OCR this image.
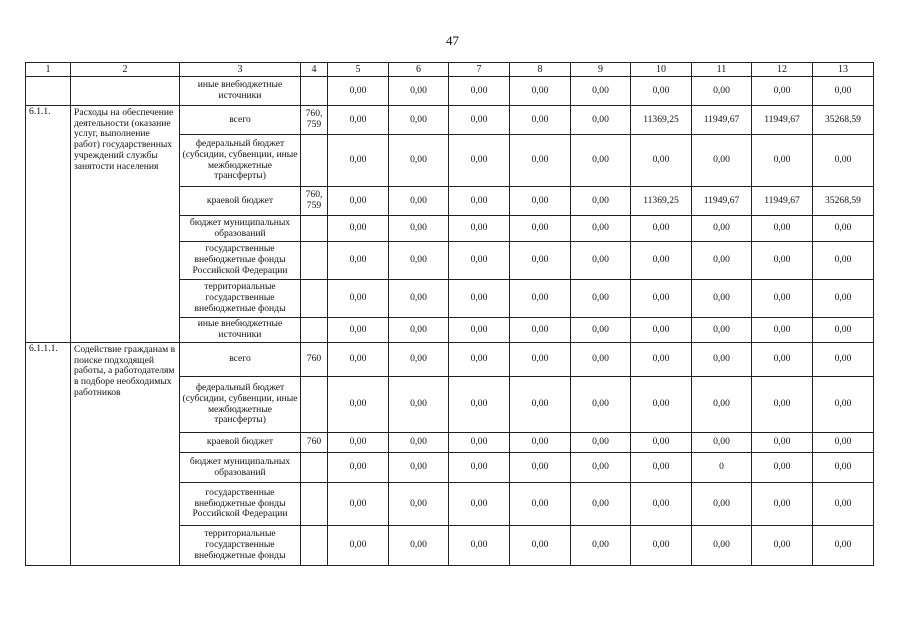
47
1	2	3	4	5	6	7	8	9	10	11	12	13
		иные внебюджетные источники		0,00	0,00	0,00	0,00	0,00	0,00	0,00	0,00	0,00
6.1.1.	Расходы на обеспечение деятельности (оказание услуг, выполнение работ) государственных учреждений службы занятости населения	всего	760, 759	0,00	0,00	0,00	0,00	0,00	11369,25	11949,67	11949,67	35268,59
		федеральный бюджет (субсидии, субвенции, иные межбюджетные трансферты)		0,00	0,00	0,00	0,00	0,00	0,00	0,00	0,00	0,00
		краевой бюджет	760, 759	0,00	0,00	0,00	0,00	0,00	11369,25	11949,67	11949,67	35268,59
		бюджет муниципальных образований		0,00	0,00	0,00	0,00	0,00	0,00	0,00	0,00	0,00
		государственные внебюджетные фонды Российской Федерации		0,00	0,00	0,00	0,00	0,00	0,00	0,00	0,00	0,00
		территориальные государственные внебюджетные фонды		0,00	0,00	0,00	0,00	0,00	0,00	0,00	0,00	0,00
		иные внебюджетные источники		0,00	0,00	0,00	0,00	0,00	0,00	0,00	0,00	0,00
6.1.1.1.	Содействие гражданам в поиске подходящей работы, а работодателям в подборе необходимых работников	всего	760	0,00	0,00	0,00	0,00	0,00	0,00	0,00	0,00	0,00
		федеральный бюджет (субсидии, субвенции, иные межбюджетные трансферты)		0,00	0,00	0,00	0,00	0,00	0,00	0,00	0,00	0,00
		краевой бюджет	760	0,00	0,00	0,00	0,00	0,00	0,00	0,00	0,00	0,00
		бюджет муниципальных образований		0,00	0,00	0,00	0,00	0,00	0,00	0	0,00	0,00
		государственные внебюджетные фонды Российской Федерации		0,00	0,00	0,00	0,00	0,00	0,00	0,00	0,00	0,00
		территориальные государственные внебюджетные фонды		0,00	0,00	0,00	0,00	0,00	0,00	0,00	0,00	0,00
